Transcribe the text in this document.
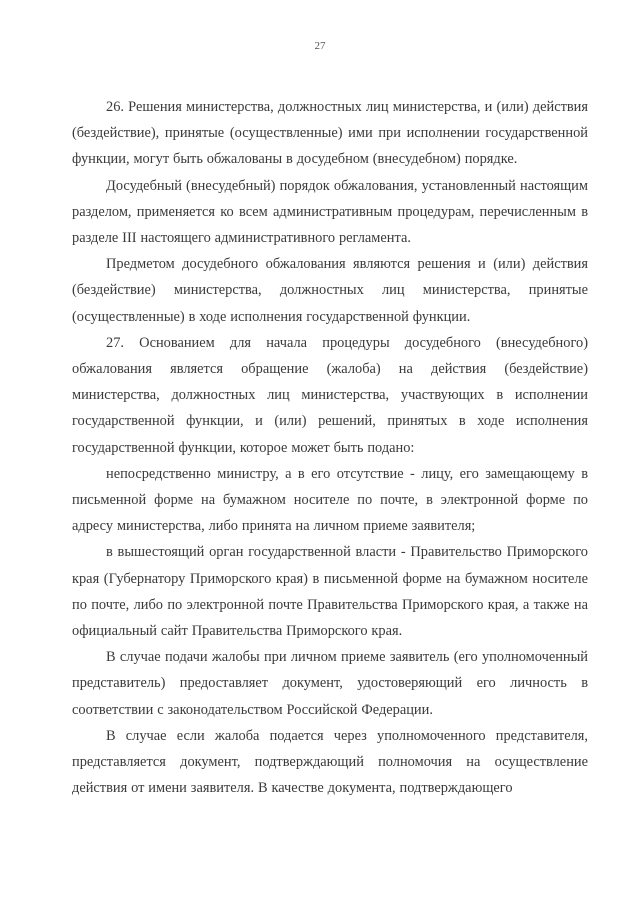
27

26. Решения министерства, должностных лиц министерства, и (или) действия (бездействие), принятые (осуществленные) ими при исполнении государственной функции, могут быть обжалованы в досудебном (внесудебном) порядке.

Досудебный (внесудебный) порядок обжалования, установленный настоящим разделом, применяется ко всем административным процедурам, перечисленным в разделе III настоящего административного регламента.

Предметом досудебного обжалования являются решения и (или) действия (бездействие) министерства, должностных лиц министерства, принятые (осуществленные) в ходе исполнения государственной функции.

27. Основанием для начала процедуры досудебного (внесудебного) обжалования является обращение (жалоба) на действия (бездействие) министерства, должностных лиц министерства, участвующих в исполнении государственной функции, и (или) решений, принятых в ходе исполнения государственной функции, которое может быть подано:

непосредственно министру, а в его отсутствие - лицу, его замещающему в письменной форме на бумажном носителе по почте, в электронной форме по адресу министерства, либо принята на личном приеме заявителя;

в вышестоящий орган государственной власти - Правительство Приморского края (Губернатору Приморского края) в письменной форме на бумажном носителе по почте, либо по электронной почте Правительства Приморского края, а также на официальный сайт Правительства Приморского края.

В случае подачи жалобы при личном приеме заявитель (его уполномоченный представитель) предоставляет документ, удостоверяющий его личность в соответствии с законодательством Российской Федерации.

В случае если жалоба подается через уполномоченного представителя, представляется документ, подтверждающий полномочия на осуществление действия от имени заявителя. В качестве документа, подтверждающего
